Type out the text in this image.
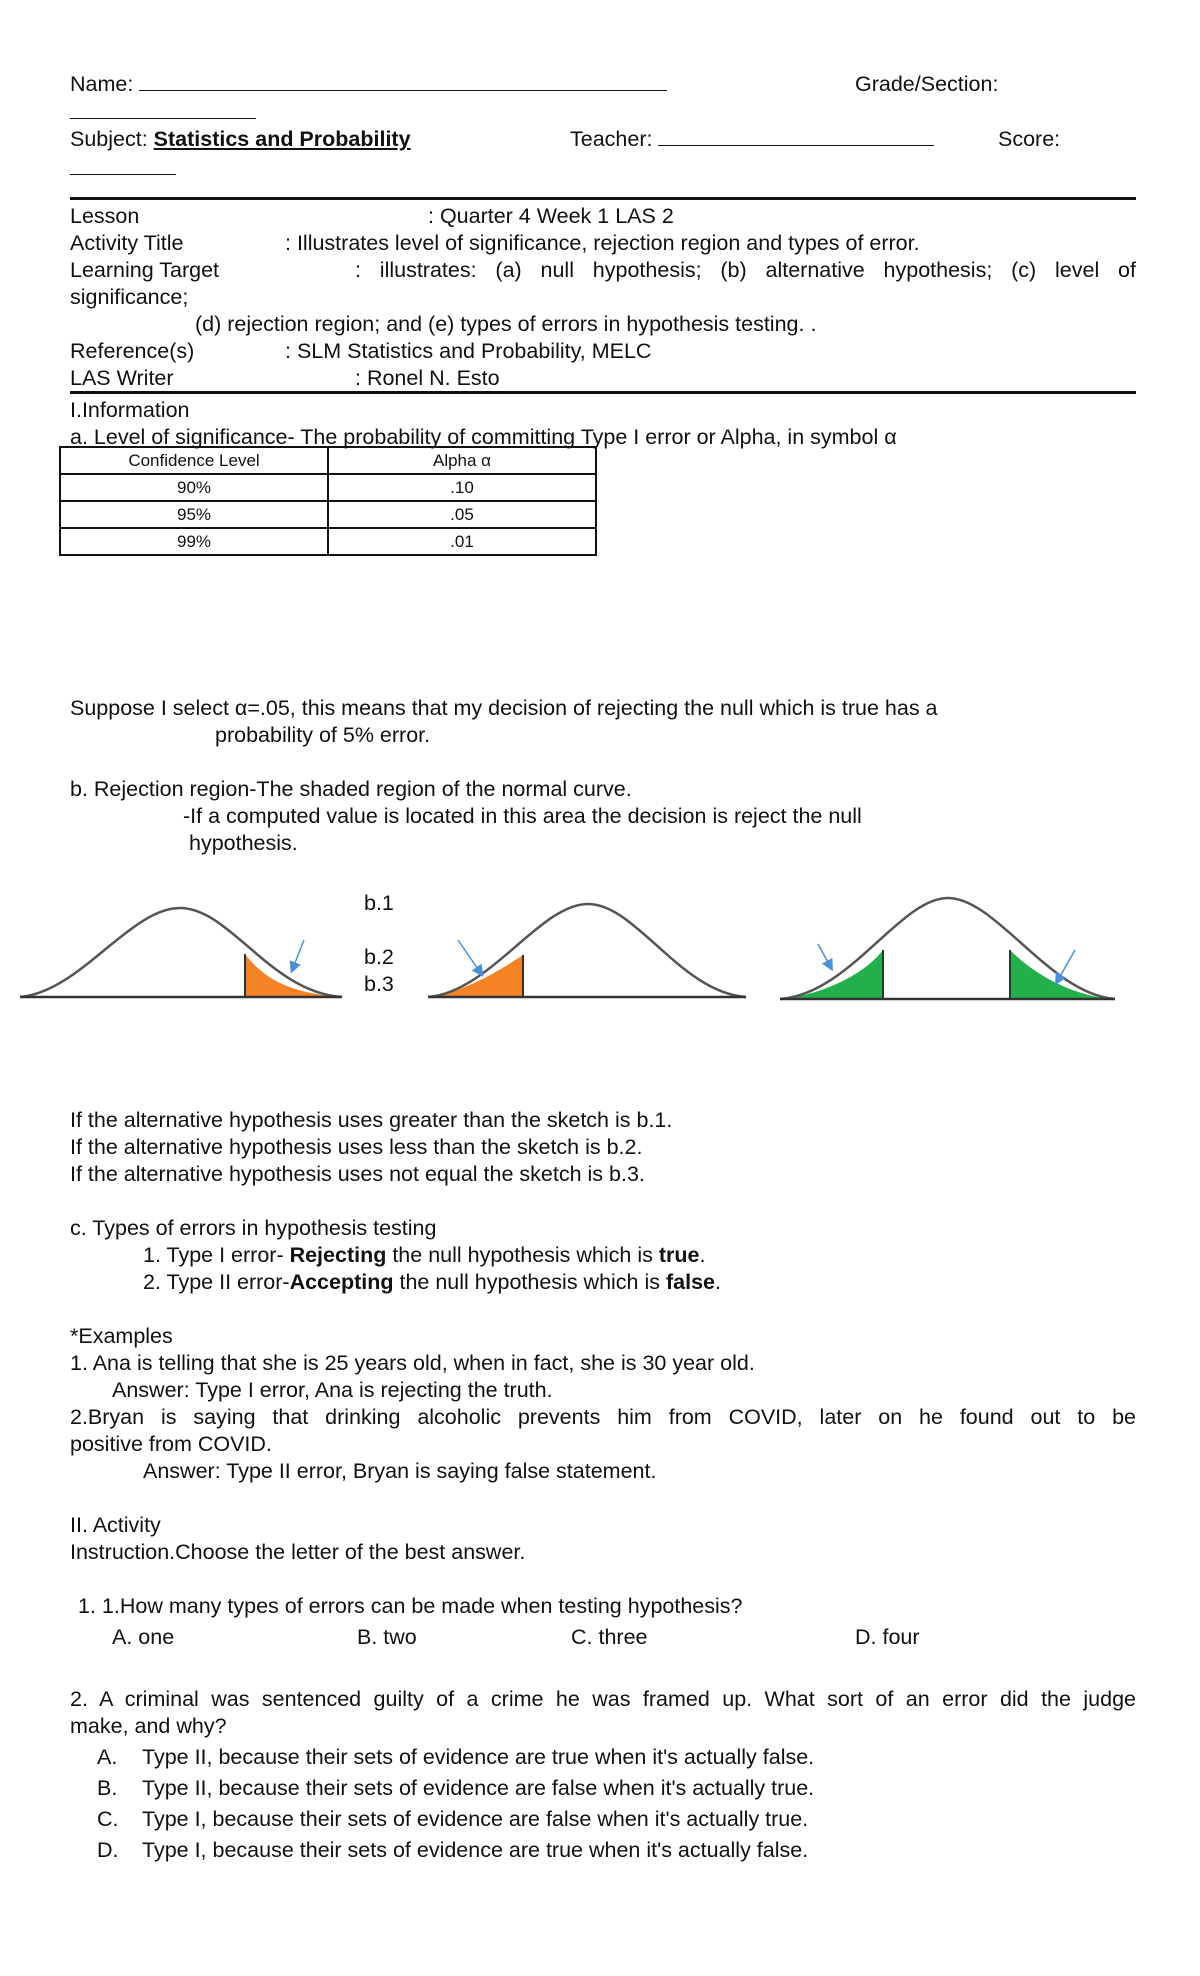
Name:	Grade/Section:
Subject: Statistics and Probability	Teacher:	Score:
Lesson	: Quarter 4 Week 1 LAS 2
Activity Title	: Illustrates level of significance, rejection region and types of error.
Learning Target	: illustrates: (a) null hypothesis; (b) alternative hypothesis; (c) level of
significance;
(d) rejection region; and (e) types of errors in hypothesis testing. .
Reference(s)	: SLM Statistics and Probability, MELC
LAS Writer	: Ronel N. Esto
I.Information
a. Level of significance- The probability of committing Type I error or Alpha, in symbol α
Confidence Level	Alpha α
90%	.10
95%	.05
99%	.01
Suppose I select α=.05, this means that my decision of rejecting the null which is true has a
probability of 5% error.
b. Rejection region-The shaded region of the normal curve.
-If a computed value is located in this area the decision is reject the null
hypothesis.
b.1
b.2
b.3
If the alternative hypothesis uses greater than the sketch is b.1.
If the alternative hypothesis uses less than the sketch is b.2.
If the alternative hypothesis uses not equal the sketch is b.3.
c. Types of errors in hypothesis testing
1. Type I error- Rejecting the null hypothesis which is true.
2. Type II error-Accepting the null hypothesis which is false.
*Examples
1. Ana is telling that she is 25 years old, when in fact, she is 30 year old.
Answer: Type I error, Ana is rejecting the truth.
2.Bryan is saying that drinking alcoholic prevents him from COVID, later on he found out to be
positive from COVID.
Answer: Type II error, Bryan is saying false statement.
II. Activity
Instruction.Choose the letter of the best answer.
1. 1.How many types of errors can be made when testing hypothesis?
A. one	B. two	C. three	D. four
2. A criminal was sentenced guilty of a crime he was framed up. What sort of an error did the judge
make, and why?
A. Type II, because their sets of evidence are true when it's actually false.
B. Type II, because their sets of evidence are false when it's actually true.
C. Type I, because their sets of evidence are false when it's actually true.
D. Type I, because their sets of evidence are true when it's actually false.
